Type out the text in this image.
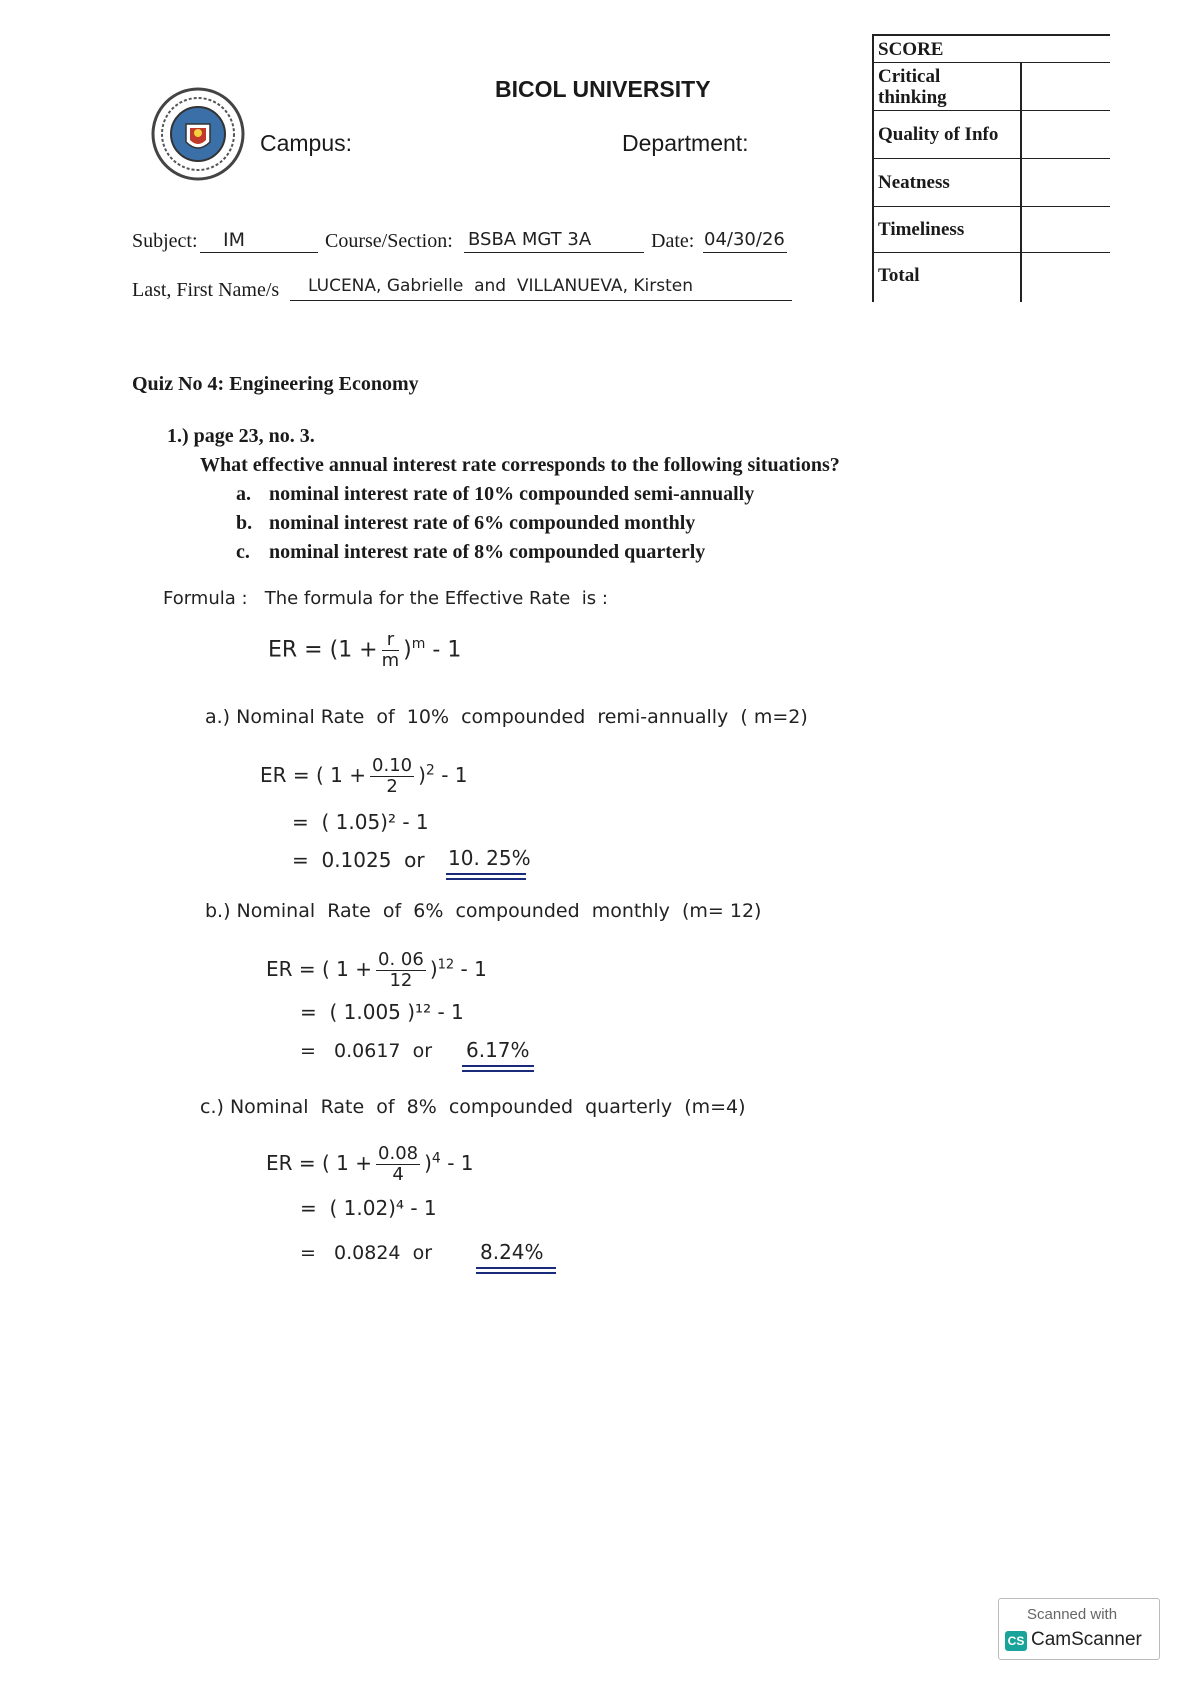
BICOL UNIVERSITY
Campus:	Department:
SCORE
Critical thinking
Quality of Info
Neatness
Timeliness
Total
Subject: IM	Course/Section: BSBA MGT 3A	Date: 04/30/26
Last, First Name/s LUCENA, Gabrielle  and  VILLANUEVA, Kirsten
Quiz No 4: Engineering Economy
1.) page 23, no. 3.
What effective annual interest rate corresponds to the following situations?
a. nominal interest rate of 10% compounded semi-annually
b. nominal interest rate of 6% compounded monthly
c. nominal interest rate of 8% compounded quarterly
Formula :   The formula for the Effective Rate  is :
ER = $(1 + \frac{r}{m} )^m - 1$
a.) Nominal Rate  of  10%  compounded  remi-annually  ( m=2)
ER = ( $1 + \frac{0.10}{2} )^2 - 1$
=  ( 1.05)² - 1
=  0.1025  or 10. 25%
b.) Nominal  Rate  of  6%  compounded  monthly  (m= 12)
ER = ( $1 + \frac{0. 06}{12} )^{12} - 1$
=  ( 1.005 )¹² - 1
=   0.0617  or 6.17%
c.) Nominal  Rate  of  8%  compounded  quarterly  (m=4)
ER = ( $1 + \frac{0.08}{4} )^4 - 1$
=  ( 1.02)⁴ - 1
=   0.0824  or 8.24%
Scanned with
CS CamScanner
